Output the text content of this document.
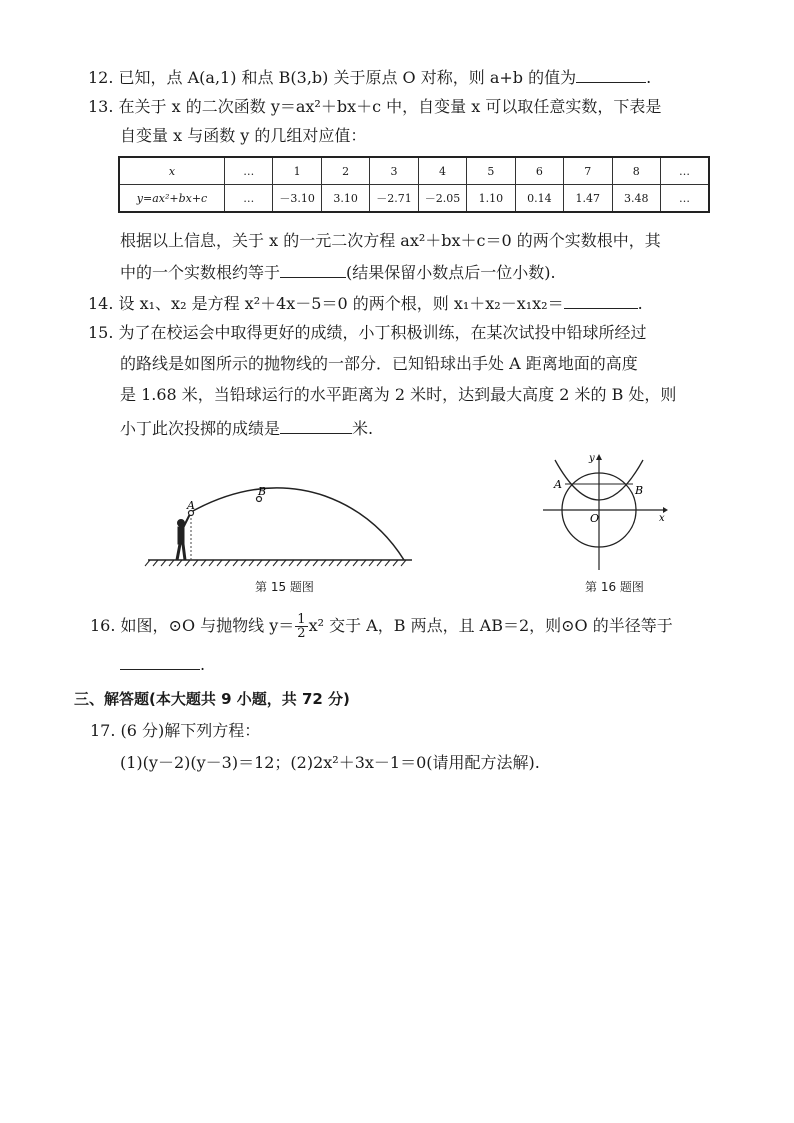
12. 已知，点 A(a,1) 和点 B(3,b) 关于原点 O 对称，则 a+b 的值为	.
13. 在关于 x 的二次函数 y＝ax²＋bx＋c 中，自变量 x 可以取任意实数，下表是
自变量 x 与函数 y 的几组对应值：
x	…	1	2	3	4	5	6	7	8	…
y=ax²+bx+c	…	－3.10	3.10	－2.71	－2.05	1.10	0.14	1.47	3.48	…
根据以上信息，关于 x 的一元二次方程 ax²＋bx＋c＝0 的两个实数根中，其
中的一个实数根约等于	(结果保留小数点后一位小数).
14. 设 x₁、x₂ 是方程 x²＋4x－5＝0 的两个根，则 x₁＋x₂－x₁x₂＝	.
15. 为了在校运会中取得更好的成绩，小丁积极训练，在某次试投中铅球所经过
的路线是如图所示的抛物线的一部分．已知铅球出手处 A 距离地面的高度
是 1.68 米，当铅球运行的水平距离为 2 米时，达到最大高度 2 米的 B 处，则
小丁此次投掷的成绩是	米.
A
B
第 15 题图
A	B
O	x
y
第 16 题图
16. 如图，⊙O 与抛物线 $y= \frac{1}{2} x^2$ 交于 A，B 两点，且 AB＝2，则⊙O 的半径等于
.
三、解答题(本大题共 9 小题，共 72 分)
17. (6 分)解下列方程：
(1)(y－2)(y－3)＝12；(2)2x²＋3x－1＝0(请用配方法解).
